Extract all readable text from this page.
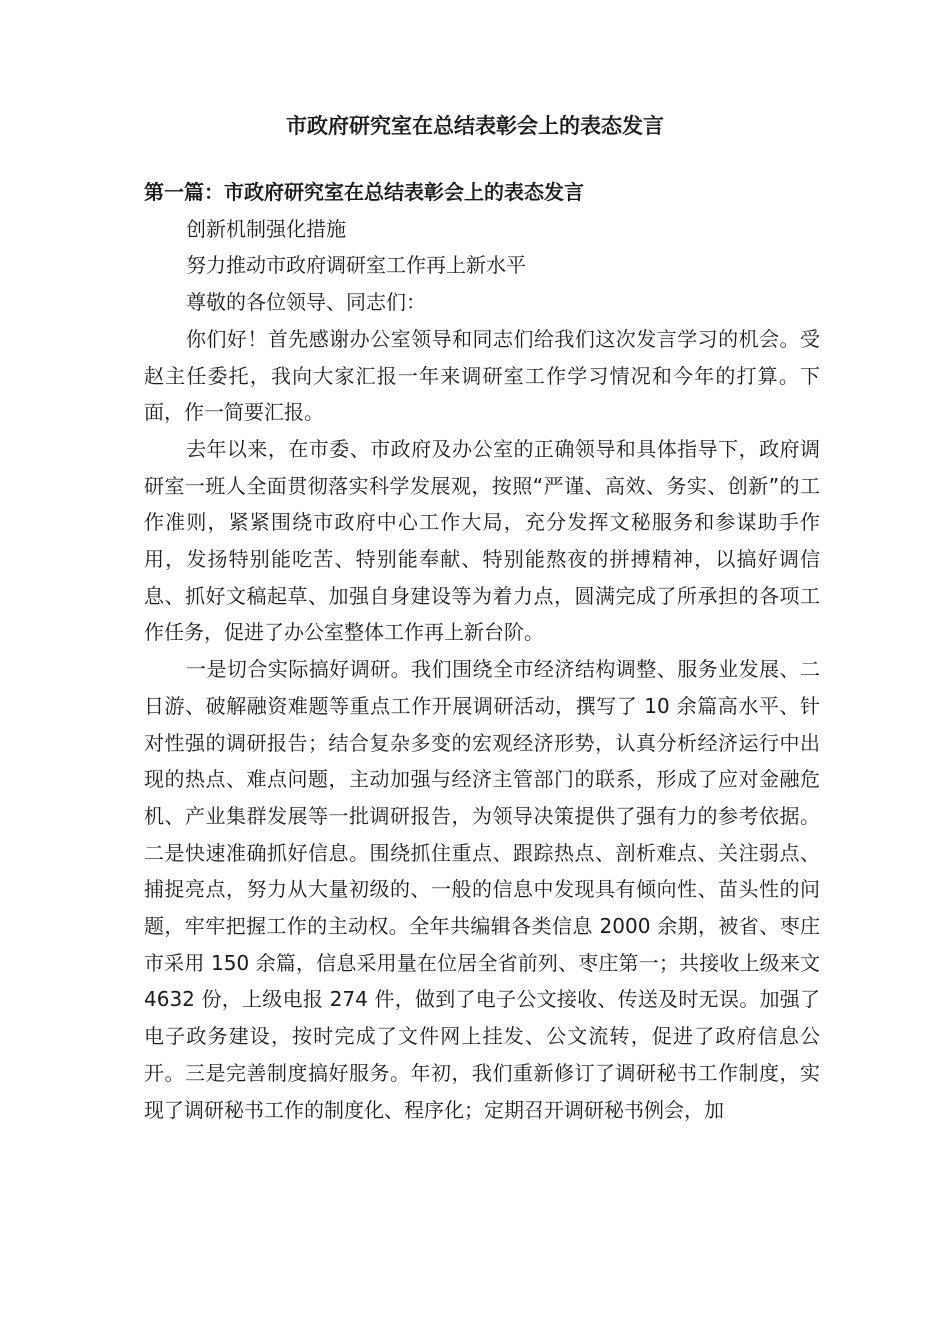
市政府研究室在总结表彰会上的表态发言

第一篇：市政府研究室在总结表彰会上的表态发言

创新机制强化措施

努力推动市政府调研室工作再上新水平

尊敬的各位领导、同志们：

你们好！首先感谢办公室领导和同志们给我们这次发言学习的机会。受赵主任委托，我向大家汇报一年来调研室工作学习情况和今年的打算。下面，作一简要汇报。

去年以来，在市委、市政府及办公室的正确领导和具体指导下，政府调研室一班人全面贯彻落实科学发展观，按照“严谨、高效、务实、创新”的工作准则，紧紧围绕市政府中心工作大局，充分发挥文秘服务和参谋助手作用，发扬特别能吃苦、特别能奉献、特别能熬夜的拼搏精神，以搞好调信息、抓好文稿起草、加强自身建设等为着力点，圆满完成了所承担的各项工作任务，促进了办公室整体工作再上新台阶。

一是切合实际搞好调研。我们围绕全市经济结构调整、服务业发展、二日游、破解融资难题等重点工作开展调研活动，撰写了 10 余篇高水平、针对性强的调研报告；结合复杂多变的宏观经济形势，认真分析经济运行中出现的热点、难点问题，主动加强与经济主管部门的联系，形成了应对金融危机、产业集群发展等一批调研报告，为领导决策提供了强有力的参考依据。二是快速准确抓好信息。围绕抓住重点、跟踪热点、剖析难点、关注弱点、捕捉亮点，努力从大量初级的、一般的信息中发现具有倾向性、苗头性的问题，牢牢把握工作的主动权。全年共编辑各类信息 2000 余期，被省、枣庄市采用 150 余篇，信息采用量在位居全省前列、枣庄第一；共接收上级来文 4632 份，上级电报 274 件，做到了电子公文接收、传送及时无误。加强了电子政务建设，按时完成了文件网上挂发、公文流转，促进了政府信息公开。三是完善制度搞好服务。年初，我们重新修订了调研秘书工作制度，实现了调研秘书工作的制度化、程序化；定期召开调研秘书例会，加
